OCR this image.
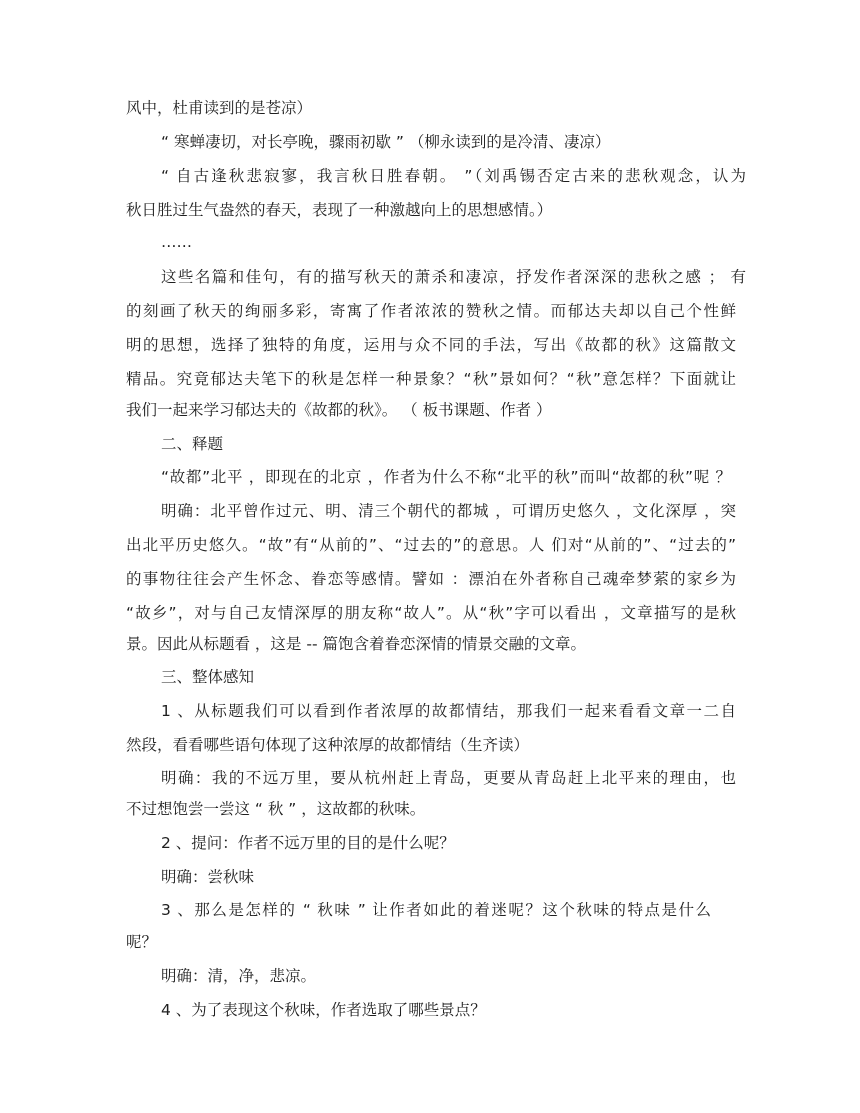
风中，杜甫读到的是苍凉）
“ 寒蝉凄切，对长亭晚，骤雨初歇 ” （柳永读到的是冷清、凄凉）
“ 自古逢秋悲寂寥，我言秋日胜春朝。 ”（刘禹锡否定古来的悲秋观念，认为
秋日胜过生气盎然的春天，表现了一种激越向上的思想感情。）
……
这些名篇和佳句，有的描写秋天的萧杀和凄凉，抒发作者深深的悲秋之感 ； 有
的刻画了秋天的绚丽多彩，寄寓了作者浓浓的赞秋之情。而郁达夫却以自己个性鲜
明的思想，选择了独特的角度，运用与众不同的手法，写出《故都的秋》这篇散文
精品。究竟郁达夫笔下的秋是怎样一种景象？“秋”景如何？“秋”意怎样？下面就让
我们一起来学习郁达夫的《故都的秋》。 （ 板书课题、作者 ）
二、释题
“故都”北平 ，即现在的北京 ，作者为什么不称“北平的秋”而叫“故都的秋”呢 ？
明确：北平曾作过元、明、清三个朝代的都城 ，可谓历史悠久 ，文化深厚 ，突
出北平历史悠久。“故”有“从前的”、“过去的”的意思。人 们对“从前的”、“过去的”
的事物往往会产生怀念、眷恋等感情。譬如 ：漂泊在外者称自己魂牵梦萦的家乡为
“故乡”，对与自己友情深厚的朋友称“故人”。从“秋”字可以看出 ，文章描写的是秋
景。因此从标题看 ，这是 -- 篇饱含着眷恋深情的情景交融的文章。
三、整体感知
1 、从标题我们可以看到作者浓厚的故都情结，那我们一起来看看文章一二自
然段，看看哪些语句体现了这种浓厚的故都情结（生齐读）
明确：我的不远万里，要从杭州赶上青岛，更要从青岛赶上北平来的理由，也
不过想饱尝一尝这 “ 秋 ” ，这故都的秋味。
2 、提问：作者不远万里的目的是什么呢？
明确：尝秋味
3 、那么是怎样的 “ 秋味 ” 让作者如此的着迷呢？这个秋味的特点是什么
呢？
明确：清，净，悲凉。
4 、为了表现这个秋味，作者选取了哪些景点？
